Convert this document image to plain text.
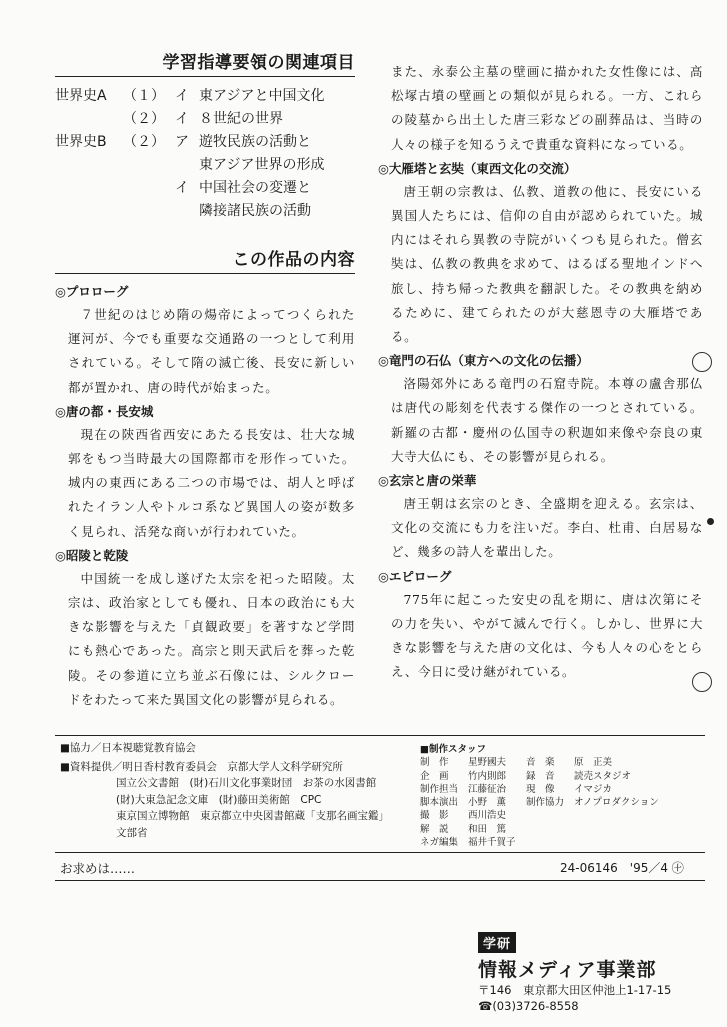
学習指導要領の関連項目
世界史A	（１） イ 東アジアと中国文化
（２） イ ８世紀の世界
世界史B	（２） ア 遊牧民族の活動と
東アジア世界の形成
イ 中国社会の変遷と
隣接諸民族の活動
この作品の内容
◎プロローグ
７世紀のはじめ隋の煬帝によってつくられた運河が、今でも重要な交通路の一つとして利用されている。そして隋の滅亡後、長安に新しい都が置かれ、唐の時代が始まった。
◎唐の都・長安城
現在の陝西省西安にあたる長安は、壮大な城郭をもつ当時最大の国際都市を形作っていた。城内の東西にある二つの市場では、胡人と呼ばれたイラン人やトルコ系など異国人の姿が数多く見られ、活発な商いが行われていた。
◎昭陵と乾陵
中国統一を成し遂げた太宗を祀った昭陵。太宗は、政治家としても優れ、日本の政治にも大きな影響を与えた「貞観政要」を著すなど学問にも熱心であった。高宗と則天武后を葬った乾陵。その参道に立ち並ぶ石像には、シルクロードをわたって来た異国文化の影響が見られる。
また、永泰公主墓の壁画に描かれた女性像には、高松塚古墳の壁画との類似が見られる。一方、これらの陵墓から出土した唐三彩などの副葬品は、当時の人々の様子を知るうえで貴重な資料になっている。
◎大雁塔と玄奘（東西文化の交流）
唐王朝の宗教は、仏教、道教の他に、長安にいる異国人たちには、信仰の自由が認められていた。城内にはそれら異教の寺院がいくつも見られた。僧玄奘は、仏教の教典を求めて、はるばる聖地インドへ旅し、持ち帰った教典を翻訳した。その教典を納めるために、建てられたのが大慈恩寺の大雁塔である。
◎竜門の石仏（東方への文化の伝播）
洛陽郊外にある竜門の石窟寺院。本尊の盧舎那仏は唐代の彫刻を代表する傑作の一つとされている。新羅の古都・慶州の仏国寺の釈迦如来像や奈良の東大寺大仏にも、その影響が見られる。
◎玄宗と唐の栄華
唐王朝は玄宗のとき、全盛期を迎える。玄宗は、文化の交流にも力を注いだ。李白、杜甫、白居易など、幾多の詩人を輩出した。
◎エピローグ
775年に起こった安史の乱を期に、唐は次第にその力を失い、やがて滅んで行く。しかし、世界に大きな影響を与えた唐の文化は、今も人々の心をとらえ、今日に受け継がれている。
■協力／日本視聴覚教育協会
■資料提供／明日香村教育委員会　京都大学人文科学研究所
国立公文書館　(財)石川文化事業財団　お茶の水図書館
(財)大東急記念文庫　(財)藤田美術館　CPC
東京国立博物館　東京都立中央図書館蔵「支那名画宝鑑」
文部省
■制作スタッフ
制　作	星野國夫	音　楽	原　正美
企　画	竹内則郎	録　音	読売スタジオ
制作担当	江藤征治	現　像	イマジカ
脚本演出	小野　薫	制作協力	オノプロダクション
撮　影	西川浩史
解　説	和田　篤
ネガ編集	福井千賀子
お求めは……	24-06146　'95／4 ㊉
学研
情報メディア事業部
〒146　東京都大田区仲池上1-17-15
☎(03)3726-8558
